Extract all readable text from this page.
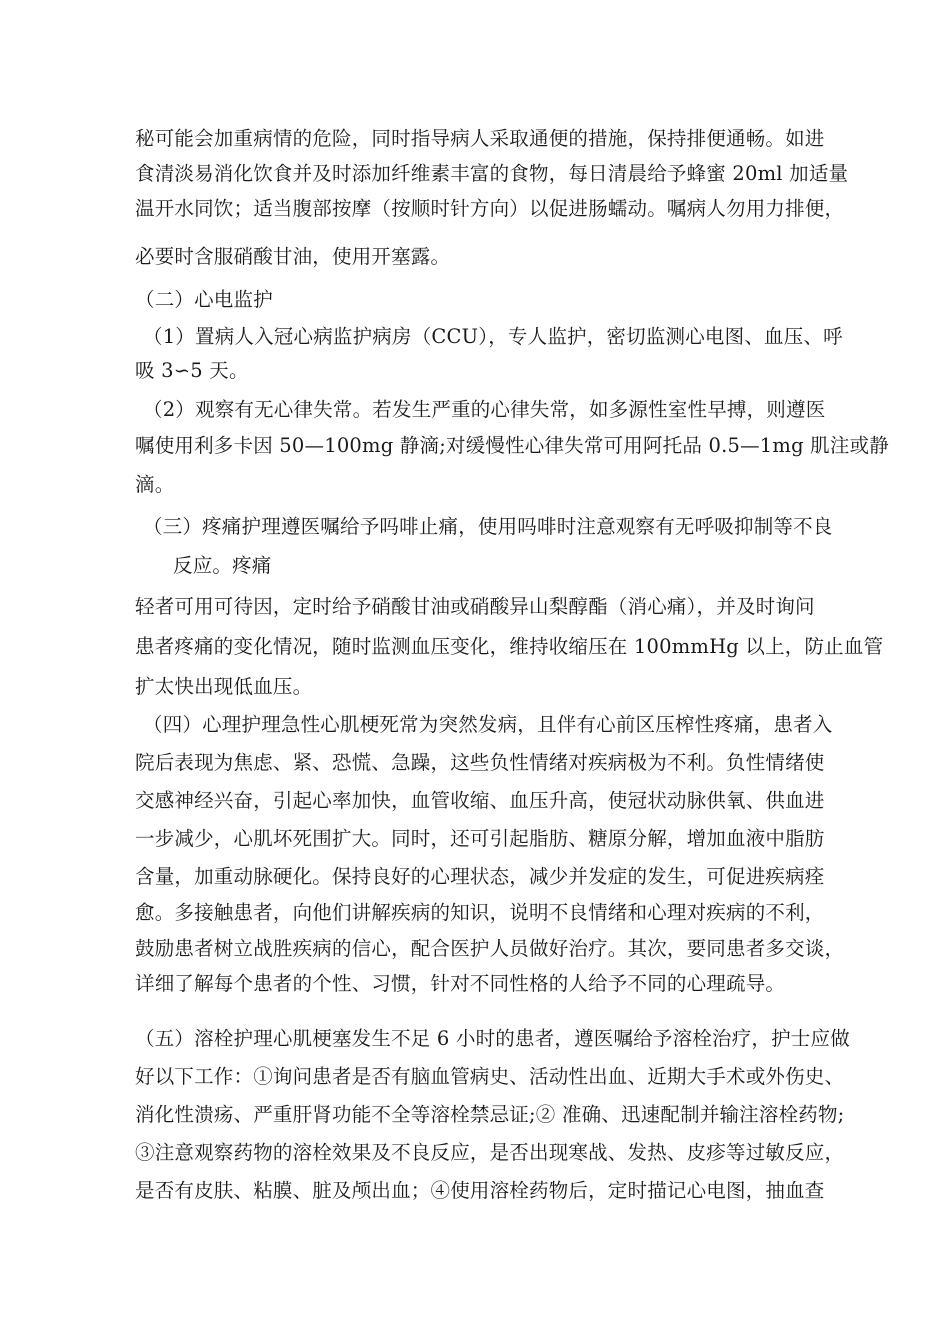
秘可能会加重病情的危险，同时指导病人采取通便的措施，保持排便通畅。如进
食清淡易消化饮食并及时添加纤维素丰富的食物，每日清晨给予蜂蜜 20ml 加适量
温开水同饮；适当腹部按摩（按顺时针方向）以促进肠蠕动。嘱病人勿用力排便，
必要时含服硝酸甘油，使用开塞露。
（二）心电监护
（1）置病人入冠心病监护病房（CCU），专人监护，密切监测心电图、血压、呼
吸 3∽5 天。
（2）观察有无心律失常。若发生严重的心律失常，如多源性室性早搏，则遵医
嘱使用利多卡因 50—100mg 静滴;对缓慢性心律失常可用阿托品 0.5—1mg 肌注或静
滴。
（三）疼痛护理遵医嘱给予吗啡止痛，使用吗啡时注意观察有无呼吸抑制等不良
反应。疼痛
轻者可用可待因，定时给予硝酸甘油或硝酸异山梨醇酯（消心痛），并及时询问
患者疼痛的变化情况，随时监测血压变化，维持收缩压在 100mmHg 以上，防止血管
扩太快出现低血压。
（四）心理护理急性心肌梗死常为突然发病，且伴有心前区压榨性疼痛，患者入
院后表现为焦虑、紧、恐慌、急躁，这些负性情绪对疾病极为不利。负性情绪使
交感神经兴奋，引起心率加快，血管收缩、血压升高，使冠状动脉供氧、供血进
一步减少，心肌坏死围扩大。同时，还可引起脂肪、糖原分解，增加血液中脂肪
含量，加重动脉硬化。保持良好的心理状态，减少并发症的发生，可促进疾病痊
愈。多接触患者，向他们讲解疾病的知识，说明不良情绪和心理对疾病的不利，
鼓励患者树立战胜疾病的信心，配合医护人员做好治疗。其次，要同患者多交谈，
详细了解每个患者的个性、习惯，针对不同性格的人给予不同的心理疏导。
（五）溶栓护理心肌梗塞发生不足 6 小时的患者，遵医嘱给予溶栓治疗，护士应做
好以下工作：①询问患者是否有脑血管病史、活动性出血、近期大手术或外伤史、
消化性溃疡、严重肝肾功能不全等溶栓禁忌证;② 准确、迅速配制并输注溶栓药物;
③注意观察药物的溶栓效果及不良反应，是否出现寒战、发热、皮疹等过敏反应，
是否有皮肤、粘膜、脏及颅出血；④使用溶栓药物后，定时描记心电图，抽血查
